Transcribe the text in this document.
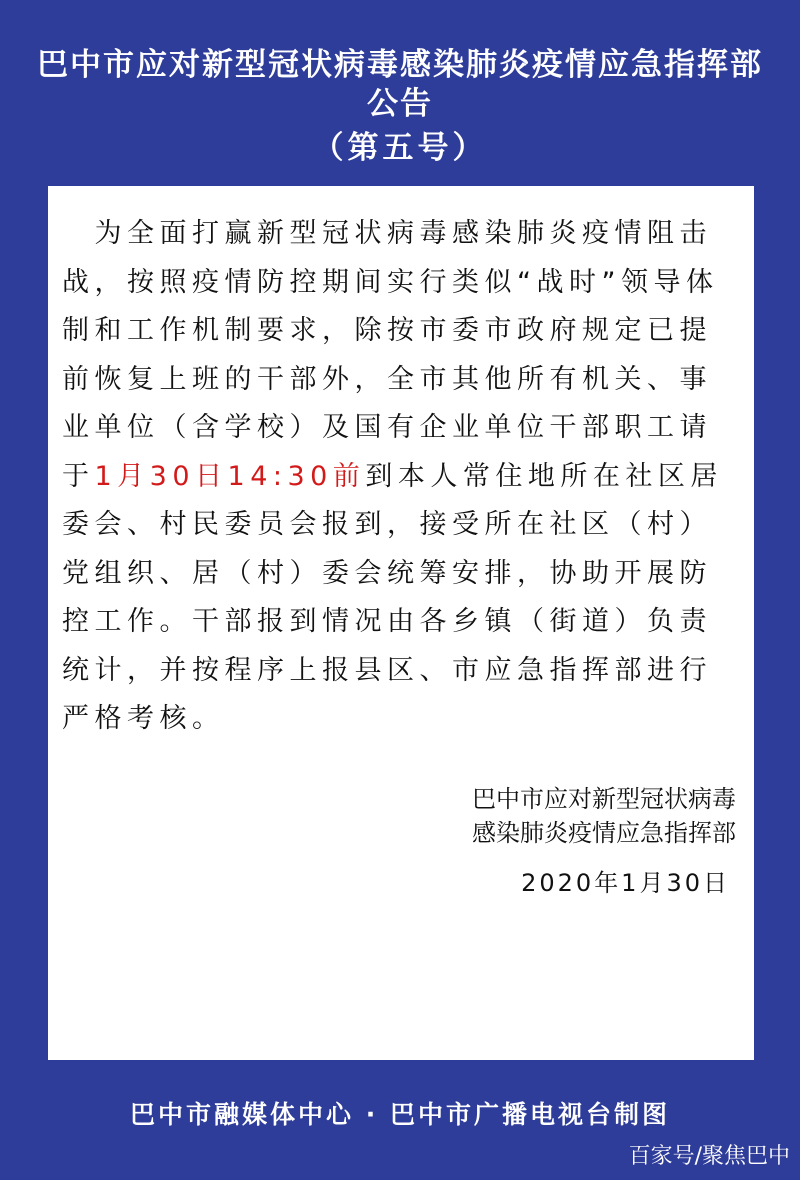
巴中市应对新型冠状病毒感染肺炎疫情应急指挥部
公告
（第五号）

　为全面打赢新型冠状病毒感染肺炎疫情阻击战，按照疫情防控期间实行类似“战时”领导体制和工作机制要求，除按市委市政府规定已提前恢复上班的干部外，全市其他所有机关、事业单位（含学校）及国有企业单位干部职工请于1月30日14:30前到本人常住地所在社区居委会、村民委员会报到，接受所在社区（村）党组织、居（村）委会统筹安排，协助开展防控工作。干部报到情况由各乡镇（街道）负责统计，并按程序上报县区、市应急指挥部进行严格考核。

巴中市应对新型冠状病毒
感染肺炎疫情应急指挥部
2020年1月30日
巴中市融媒体中心 · 巴中市广播电视台制图
百家号/聚焦巴中
